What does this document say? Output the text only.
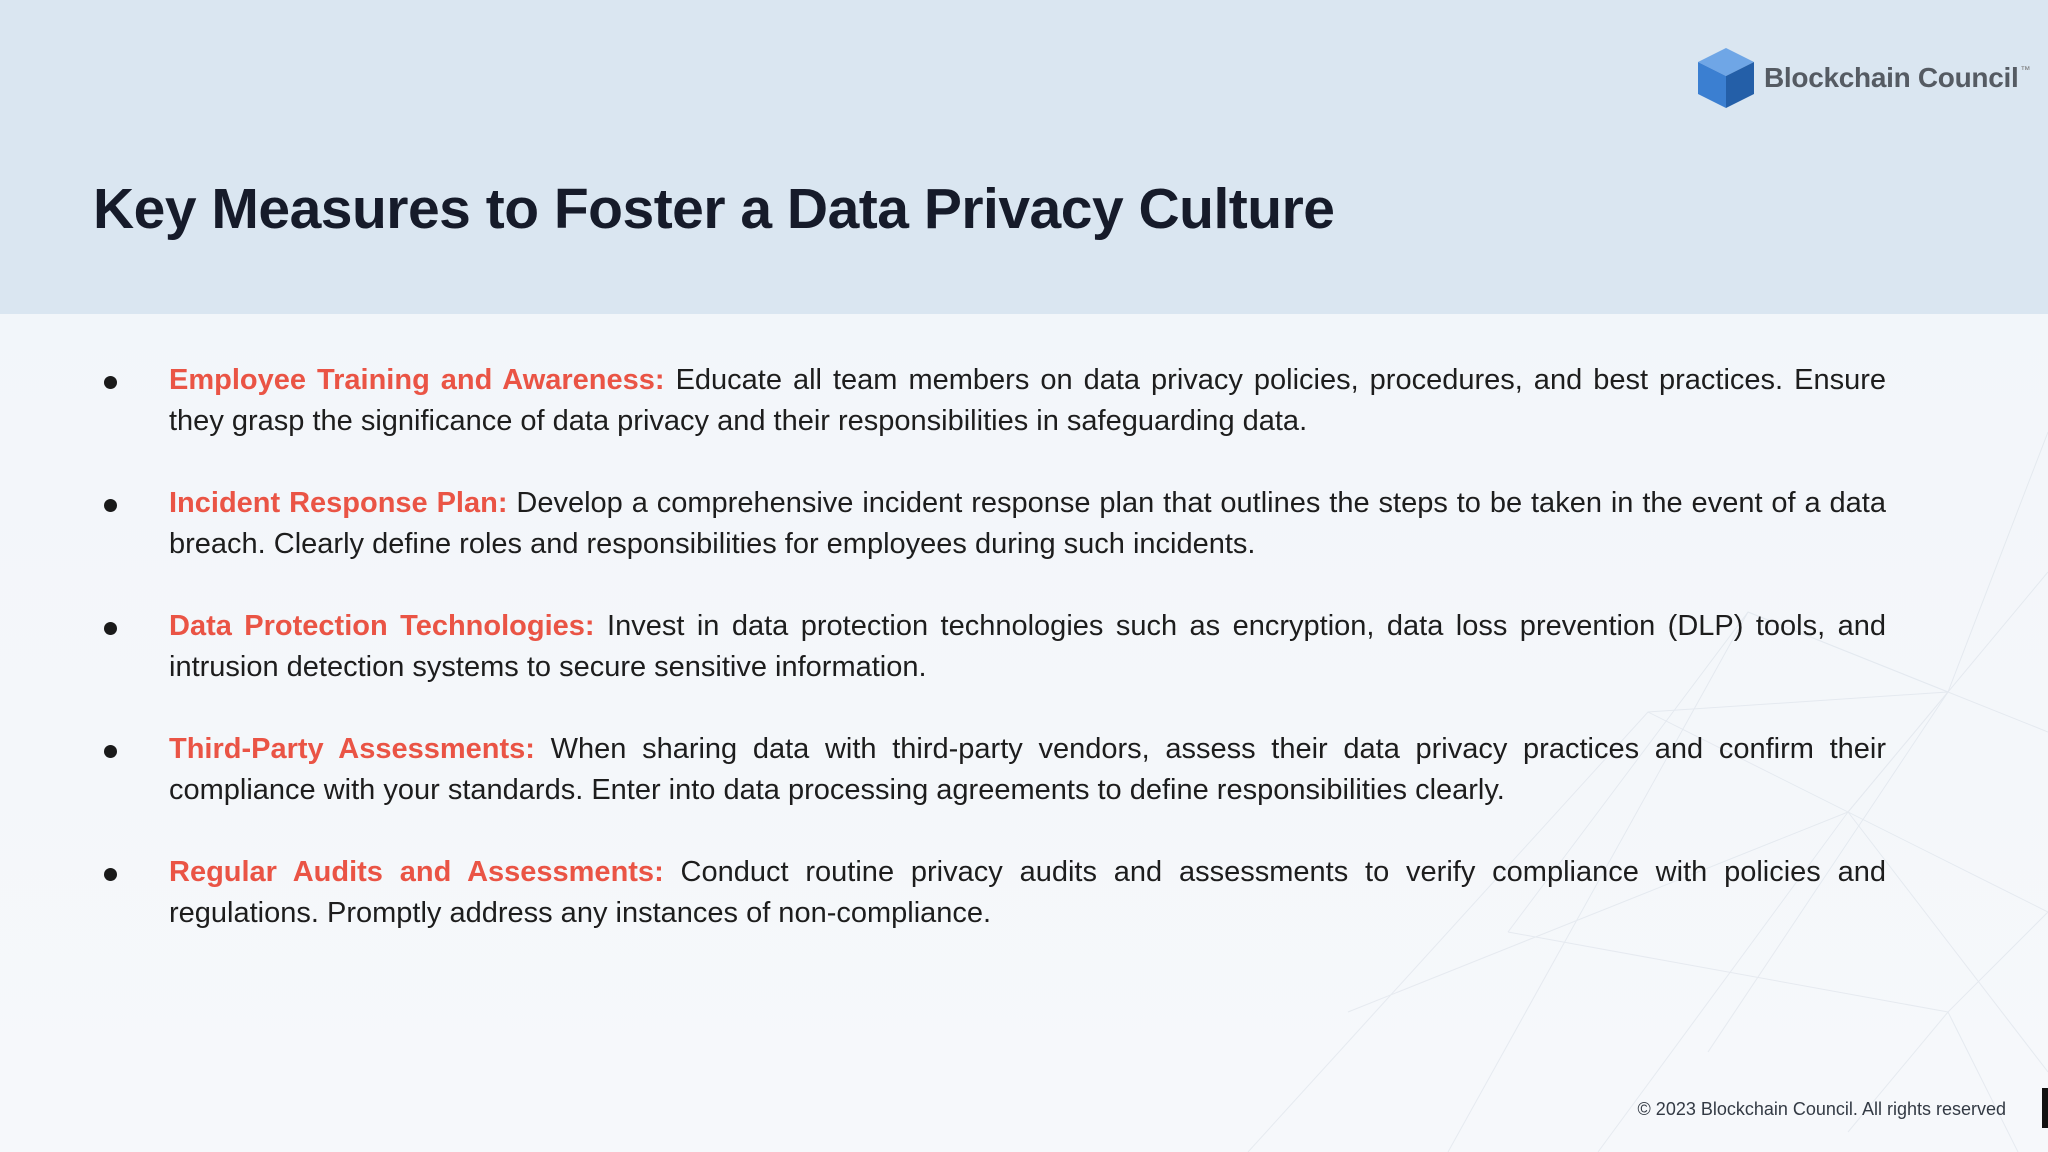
Blockchain Council ™
Key Measures to Foster a Data Privacy Culture
Employee Training and Awareness: Educate all team members on data privacy policies, procedures, and best practices. Ensure they grasp the significance of data privacy and their responsibilities in safeguarding data.
Incident Response Plan: Develop a comprehensive incident response plan that outlines the steps to be taken in the event of a data breach. Clearly define roles and responsibilities for employees during such incidents.
Data Protection Technologies: Invest in data protection technologies such as encryption, data loss prevention (DLP) tools, and intrusion detection systems to secure sensitive information.
Third-Party Assessments: When sharing data with third-party vendors, assess their data privacy practices and confirm their compliance with your standards. Enter into data processing agreements to define responsibilities clearly.
Regular Audits and Assessments: Conduct routine privacy audits and assessments to verify compliance with policies and regulations. Promptly address any instances of non-compliance.
© 2023 Blockchain Council. All rights reserved
